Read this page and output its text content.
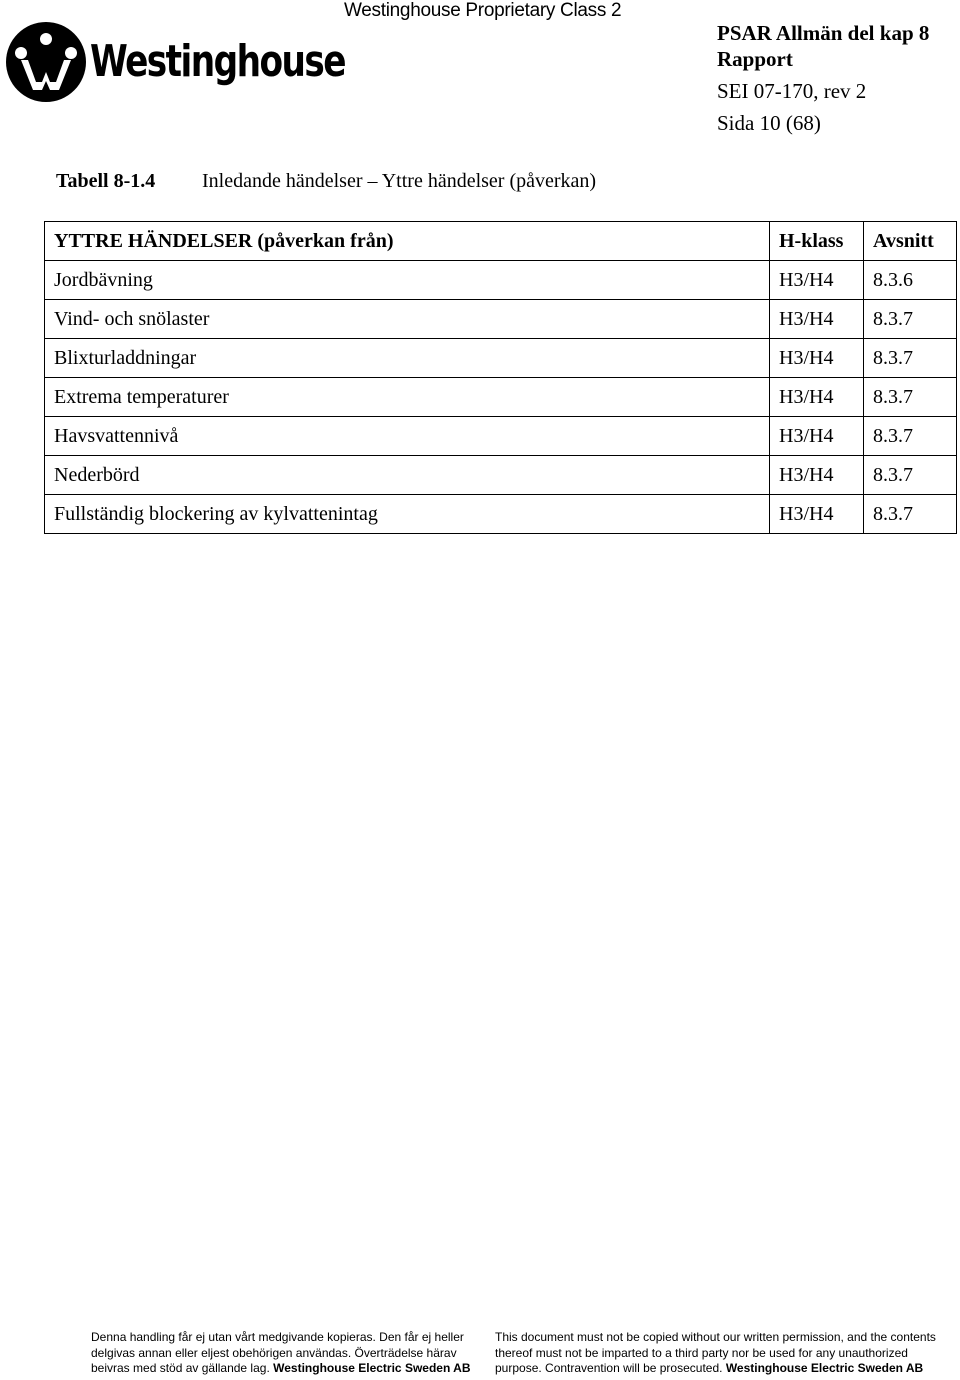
Westinghouse
Westinghouse Proprietary Class 2
PSAR Allmän del kap 8
Rapport
SEI 07-170, rev 2
Sida 10 (68)
Tabell 8-1.4 Inledande händelser – Yttre händelser (påverkan)
YTTRE HÄNDELSER (påverkan från)	H-klass	Avsnitt
Jordbävning	H3/H4	8.3.6
Vind- och snölaster	H3/H4	8.3.7
Blixturladdningar	H3/H4	8.3.7
Extrema temperaturer	H3/H4	8.3.7
Havsvattennivå	H3/H4	8.3.7
Nederbörd	H3/H4	8.3.7
Fullständig blockering av kylvattenintag	H3/H4	8.3.7
Denna handling får ej utan vårt medgivande kopieras. Den får ej heller
delgivas annan eller eljest obehörigen användas. Överträdelse härav
beivras med stöd av gällande lag. Westinghouse Electric Sweden AB
This document must not be copied without our written permission, and the contents
thereof must not be imparted to a third party nor be used for any unauthorized
purpose. Contravention will be prosecuted. Westinghouse Electric Sweden AB
